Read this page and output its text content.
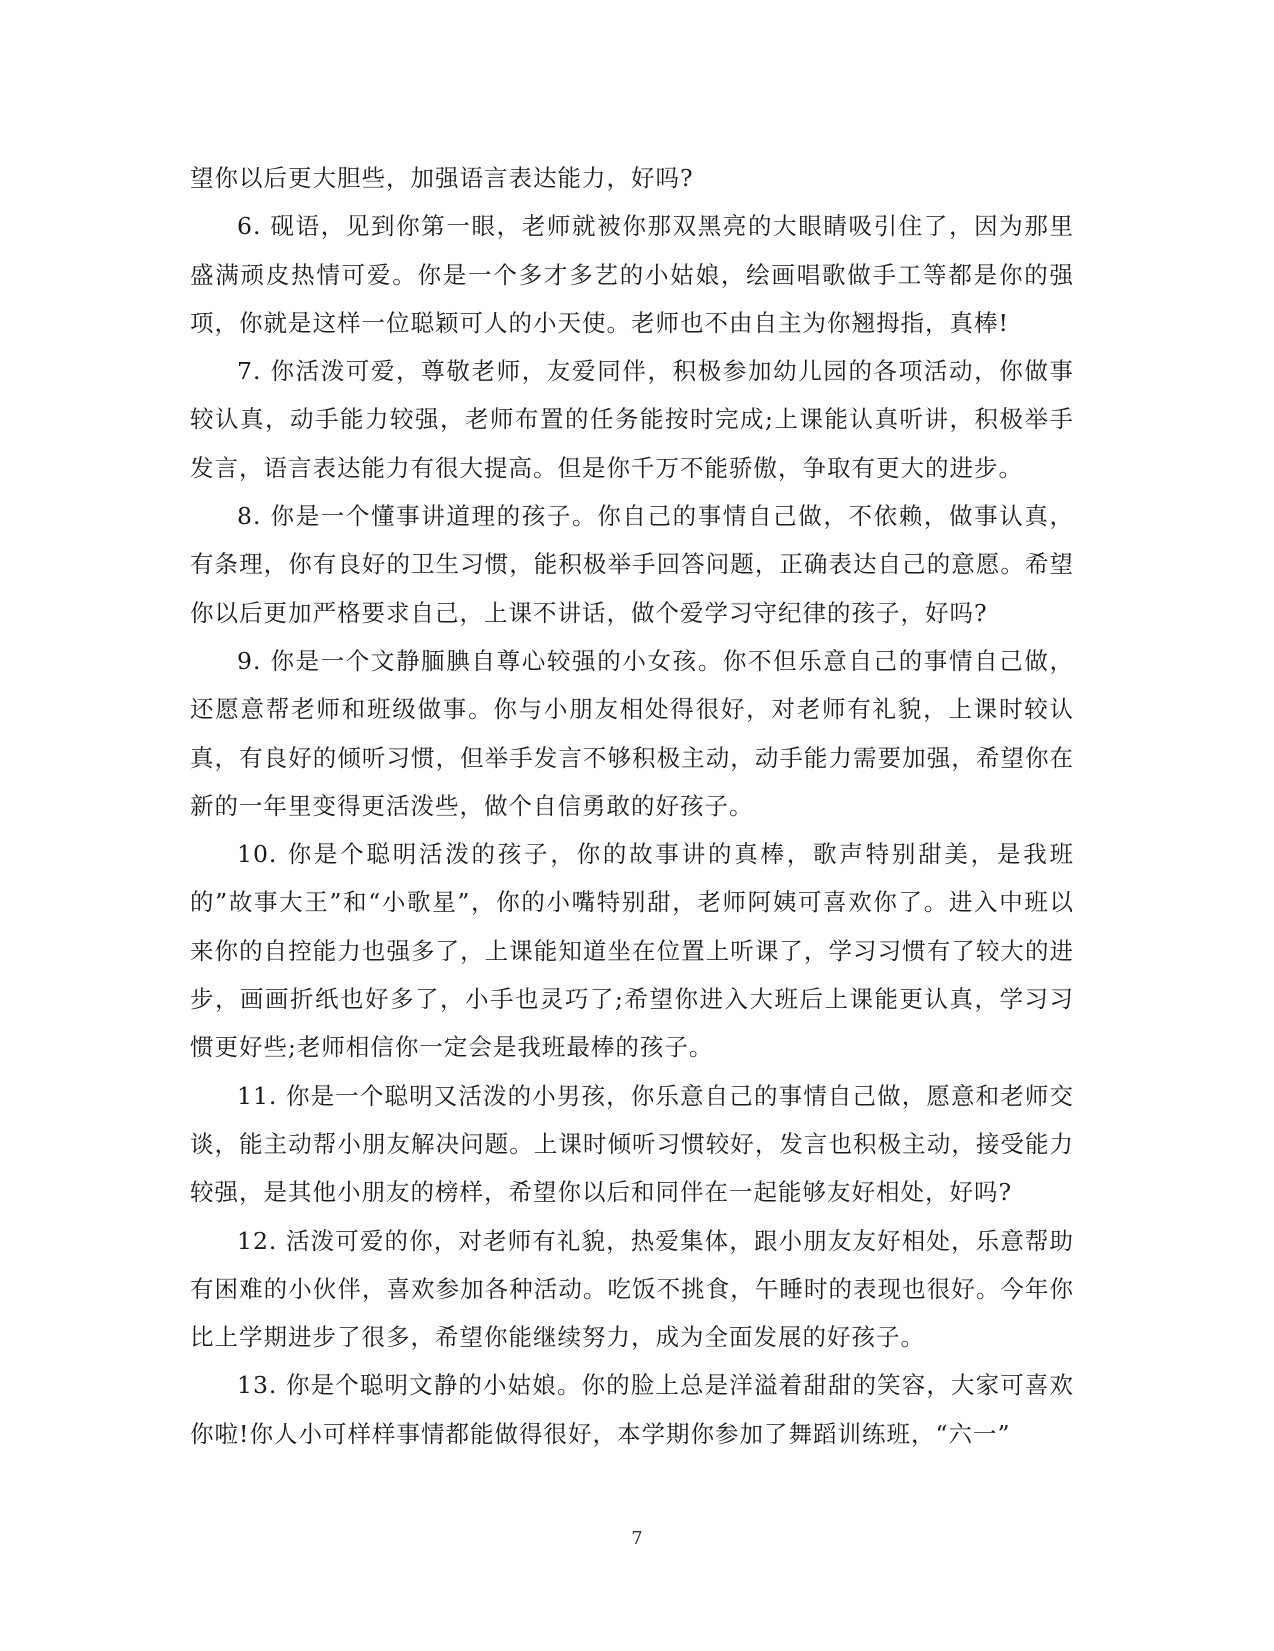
望你以后更大胆些，加强语言表达能力，好吗?

6. 砚语，见到你第一眼，老师就被你那双黑亮的大眼睛吸引住了，因为那里盛满顽皮热情可爱。你是一个多才多艺的小姑娘，绘画唱歌做手工等都是你的强项，你就是这样一位聪颖可人的小天使。老师也不由自主为你翘拇指，真棒!

7. 你活泼可爱，尊敬老师，友爱同伴，积极参加幼儿园的各项活动，你做事较认真，动手能力较强，老师布置的任务能按时完成;上课能认真听讲，积极举手发言，语言表达能力有很大提高。但是你千万不能骄傲，争取有更大的进步。

8. 你是一个懂事讲道理的孩子。你自己的事情自己做，不依赖，做事认真，有条理，你有良好的卫生习惯，能积极举手回答问题，正确表达自己的意愿。希望你以后更加严格要求自己，上课不讲话，做个爱学习守纪律的孩子，好吗?

9. 你是一个文静腼腆自尊心较强的小女孩。你不但乐意自己的事情自己做，还愿意帮老师和班级做事。你与小朋友相处得很好，对老师有礼貌，上课时较认真，有良好的倾听习惯，但举手发言不够积极主动，动手能力需要加强，希望你在新的一年里变得更活泼些，做个自信勇敢的好孩子。

10. 你是个聪明活泼的孩子，你的故事讲的真棒，歌声特别甜美，是我班的”故事大王”和“小歌星”，你的小嘴特别甜，老师阿姨可喜欢你了。进入中班以来你的自控能力也强多了，上课能知道坐在位置上听课了，学习习惯有了较大的进步，画画折纸也好多了，小手也灵巧了;希望你进入大班后上课能更认真，学习习惯更好些;老师相信你一定会是我班最棒的孩子。

11. 你是一个聪明又活泼的小男孩，你乐意自己的事情自己做，愿意和老师交谈，能主动帮小朋友解决问题。上课时倾听习惯较好，发言也积极主动，接受能力较强，是其他小朋友的榜样，希望你以后和同伴在一起能够友好相处，好吗?

12. 活泼可爱的你，对老师有礼貌，热爱集体，跟小朋友友好相处，乐意帮助有困难的小伙伴，喜欢参加各种活动。吃饭不挑食，午睡时的表现也很好。今年你比上学期进步了很多，希望你能继续努力，成为全面发展的好孩子。

13. 你是个聪明文静的小姑娘。你的脸上总是洋溢着甜甜的笑容，大家可喜欢你啦!你人小可样样事情都能做得很好，本学期你参加了舞蹈训练班，“六一”

7
